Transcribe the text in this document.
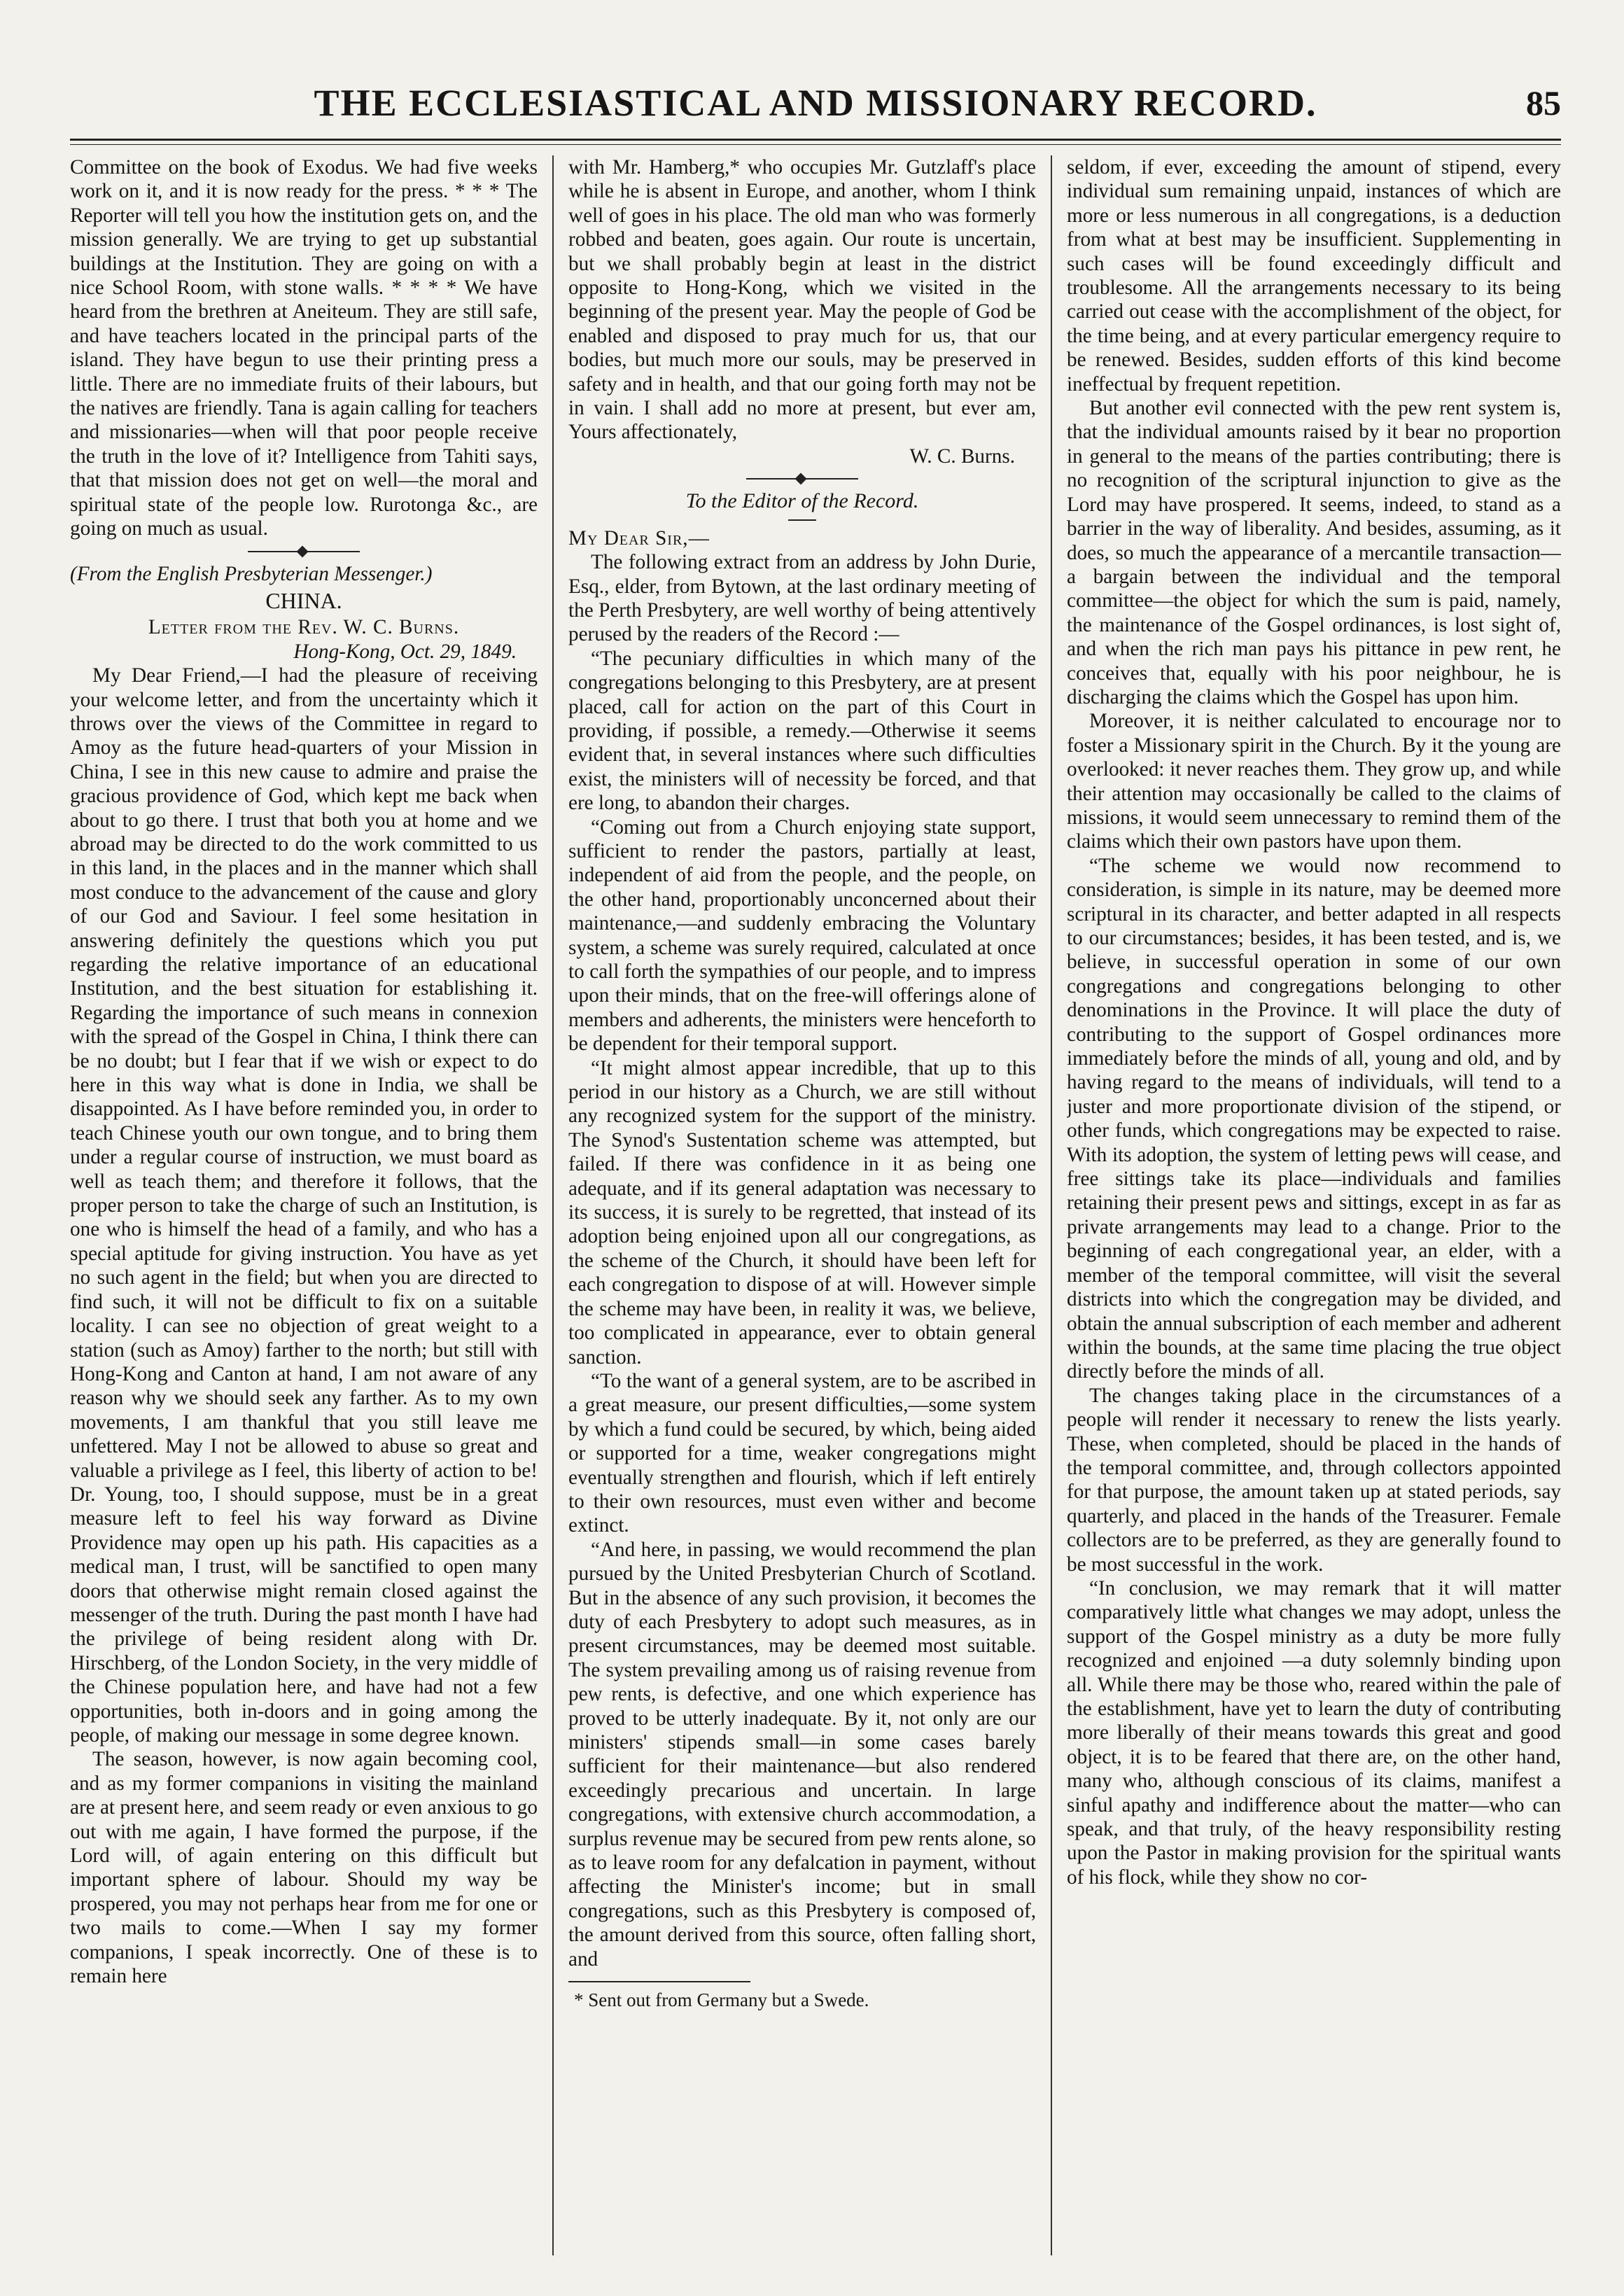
THE ECCLESIASTICAL AND MISSIONARY RECORD.	85

Committee on the book of Exodus. We had five weeks work on it, and it is now ready for the press. * * * The Reporter will tell you how the institution gets on, and the mission generally. We are trying to get up substantial buildings at the Institution. They are going on with a nice School Room, with stone walls. * * * * We have heard from the brethren at Aneiteum. They are still safe, and have teachers located in the principal parts of the island. They have begun to use their printing press a little. There are no immediate fruits of their labours, but the natives are friendly. Tana is again calling for teachers and missionaries—when will that poor people receive the truth in the love of it? Intelligence from Tahiti says, that that mission does not get on well—the moral and spiritual state of the people low. Rurotonga &c., are going on much as usual.

(From the English Presbyterian Messenger.)

CHINA.

Letter from the Rev. W. C. Burns.

Hong-Kong, Oct. 29, 1849.

My Dear Friend,—I had the pleasure of receiving your welcome letter, and from the uncertainty which it throws over the views of the Committee in regard to Amoy as the future head-quarters of your Mission in China, I see in this new cause to admire and praise the gracious providence of God, which kept me back when about to go there. I trust that both you at home and we abroad may be directed to do the work committed to us in this land, in the places and in the manner which shall most conduce to the advancement of the cause and glory of our God and Saviour. I feel some hesitation in answering definitely the questions which you put regarding the relative importance of an educational Institution, and the best situation for establishing it. Regarding the importance of such means in connexion with the spread of the Gospel in China, I think there can be no doubt; but I fear that if we wish or expect to do here in this way what is done in India, we shall be disappointed. As I have before reminded you, in order to teach Chinese youth our own tongue, and to bring them under a regular course of instruction, we must board as well as teach them; and therefore it follows, that the proper person to take the charge of such an Institution, is one who is himself the head of a family, and who has a special aptitude for giving instruction. You have as yet no such agent in the field; but when you are directed to find such, it will not be difficult to fix on a suitable locality. I can see no objection of great weight to a station (such as Amoy) farther to the north; but still with Hong-Kong and Canton at hand, I am not aware of any reason why we should seek any farther. As to my own movements, I am thankful that you still leave me unfettered. May I not be allowed to abuse so great and valuable a privilege as I feel, this liberty of action to be! Dr. Young, too, I should suppose, must be in a great measure left to feel his way forward as Divine Providence may open up his path. His capacities as a medical man, I trust, will be sanctified to open many doors that otherwise might remain closed against the messenger of the truth. During the past month I have had the privilege of being resident along with Dr. Hirschberg, of the London Society, in the very middle of the Chinese population here, and have had not a few opportunities, both in-doors and in going among the people, of making our message in some degree known.

The season, however, is now again becoming cool, and as my former companions in visiting the mainland are at present here, and seem ready or even anxious to go out with me again, I have formed the purpose, if the Lord will, of again entering on this difficult but important sphere of labour. Should my way be prospered, you may not perhaps hear from me for one or two mails to come.—When I say my former companions, I speak incorrectly. One of these is to remain here

with Mr. Hamberg,* who occupies Mr. Gutzlaff's place while he is absent in Europe, and another, whom I think well of goes in his place. The old man who was formerly robbed and beaten, goes again. Our route is uncertain, but we shall probably begin at least in the district opposite to Hong-Kong, which we visited in the beginning of the present year. May the people of God be enabled and disposed to pray much for us, that our bodies, but much more our souls, may be preserved in safety and in health, and that our going forth may not be in vain. I shall add no more at present, but ever am, Yours affectionately,

W. C. Burns.

To the Editor of the Record.

My Dear Sir,—

The following extract from an address by John Durie, Esq., elder, from Bytown, at the last ordinary meeting of the Perth Presbytery, are well worthy of being attentively perused by the readers of the Record :—

“The pecuniary difficulties in which many of the congregations belonging to this Presbytery, are at present placed, call for action on the part of this Court in providing, if possible, a remedy.—Otherwise it seems evident that, in several instances where such difficulties exist, the ministers will of necessity be forced, and that ere long, to abandon their charges.

“Coming out from a Church enjoying state support, sufficient to render the pastors, partially at least, independent of aid from the people, and the people, on the other hand, proportionably unconcerned about their maintenance,—and suddenly embracing the Voluntary system, a scheme was surely required, calculated at once to call forth the sympathies of our people, and to impress upon their minds, that on the free-will offerings alone of members and adherents, the ministers were henceforth to be dependent for their temporal support.

“It might almost appear incredible, that up to this period in our history as a Church, we are still without any recognized system for the support of the ministry. The Synod's Sustentation scheme was attempted, but failed. If there was confidence in it as being one adequate, and if its general adaptation was necessary to its success, it is surely to be regretted, that instead of its adoption being enjoined upon all our congregations, as the scheme of the Church, it should have been left for each congregation to dispose of at will. However simple the scheme may have been, in reality it was, we believe, too complicated in appearance, ever to obtain general sanction.

“To the want of a general system, are to be ascribed in a great measure, our present difficulties,—some system by which a fund could be secured, by which, being aided or supported for a time, weaker congregations might eventually strengthen and flourish, which if left entirely to their own resources, must even wither and become extinct.

“And here, in passing, we would recommend the plan pursued by the United Presbyterian Church of Scotland. But in the absence of any such provision, it becomes the duty of each Presbytery to adopt such measures, as in present circumstances, may be deemed most suitable. The system prevailing among us of raising revenue from pew rents, is defective, and one which experience has proved to be utterly inadequate. By it, not only are our ministers' stipends small—in some cases barely sufficient for their maintenance—but also rendered exceedingly precarious and uncertain. In large congregations, with extensive church accommodation, a surplus revenue may be secured from pew rents alone, so as to leave room for any defalcation in payment, without affecting the Minister's income; but in small congregations, such as this Presbytery is composed of, the amount derived from this source, often falling short, and

* Sent out from Germany but a Swede.

seldom, if ever, exceeding the amount of stipend, every individual sum remaining unpaid, instances of which are more or less numerous in all congregations, is a deduction from what at best may be insufficient. Supplementing in such cases will be found exceedingly difficult and troublesome. All the arrangements necessary to its being carried out cease with the accomplishment of the object, for the time being, and at every particular emergency require to be renewed. Besides, sudden efforts of this kind become ineffectual by frequent repetition.

But another evil connected with the pew rent system is, that the individual amounts raised by it bear no proportion in general to the means of the parties contributing; there is no recognition of the scriptural injunction to give as the Lord may have prospered. It seems, indeed, to stand as a barrier in the way of liberality. And besides, assuming, as it does, so much the appearance of a mercantile transaction—a bargain between the individual and the temporal committee—the object for which the sum is paid, namely, the maintenance of the Gospel ordinances, is lost sight of, and when the rich man pays his pittance in pew rent, he conceives that, equally with his poor neighbour, he is discharging the claims which the Gospel has upon him.

Moreover, it is neither calculated to encourage nor to foster a Missionary spirit in the Church. By it the young are overlooked: it never reaches them. They grow up, and while their attention may occasionally be called to the claims of missions, it would seem unnecessary to remind them of the claims which their own pastors have upon them.

“The scheme we would now recommend to consideration, is simple in its nature, may be deemed more scriptural in its character, and better adapted in all respects to our circumstances; besides, it has been tested, and is, we believe, in successful operation in some of our own congregations and congregations belonging to other denominations in the Province. It will place the duty of contributing to the support of Gospel ordinances more immediately before the minds of all, young and old, and by having regard to the means of individuals, will tend to a juster and more proportionate division of the stipend, or other funds, which congregations may be expected to raise. With its adoption, the system of letting pews will cease, and free sittings take its place—individuals and families retaining their present pews and sittings, except in as far as private arrangements may lead to a change. Prior to the beginning of each congregational year, an elder, with a member of the temporal committee, will visit the several districts into which the congregation may be divided, and obtain the annual subscription of each member and adherent within the bounds, at the same time placing the true object directly before the minds of all.

The changes taking place in the circumstances of a people will render it necessary to renew the lists yearly. These, when completed, should be placed in the hands of the temporal committee, and, through collectors appointed for that purpose, the amount taken up at stated periods, say quarterly, and placed in the hands of the Treasurer. Female collectors are to be preferred, as they are generally found to be most successful in the work.

“In conclusion, we may remark that it will matter comparatively little what changes we may adopt, unless the support of the Gospel ministry as a duty be more fully recognized and enjoined —a duty solemnly binding upon all. While there may be those who, reared within the pale of the establishment, have yet to learn the duty of contributing more liberally of their means towards this great and good object, it is to be feared that there are, on the other hand, many who, although conscious of its claims, manifest a sinful apathy and indifference about the matter—who can speak, and that truly, of the heavy responsibility resting upon the Pastor in making provision for the spiritual wants of his flock, while they show no cor-
